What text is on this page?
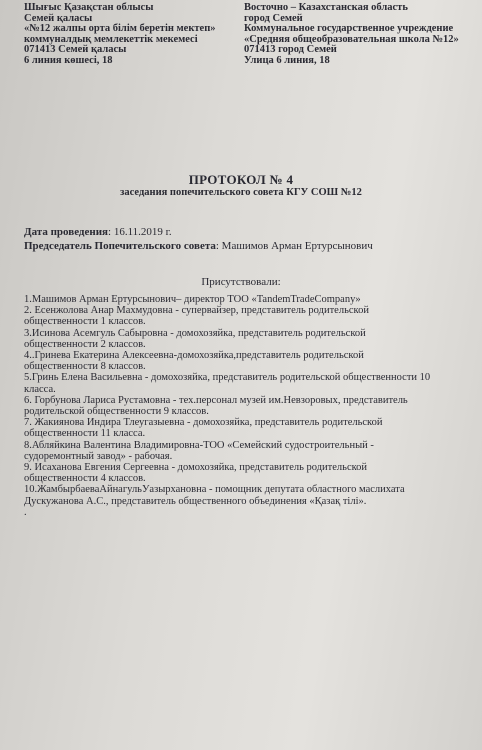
Шығыс Қазақстан облысы
Семей қаласы
«№12 жалпы орта білім беретін мектеп»
коммуналдық мемлекеттік мекемесі
071413 Семей қаласы
6 линия көшесі, 18
Восточно – Казахстанская область
город Семей
Коммунальное государственное учреждение
«Средняя общеобразовательная школа №12»
071413 город Семей
Улица 6 линия, 18
ПРОТОКОЛ № 4
заседания попечительского совета КГУ СОШ №12
Дата проведения: 16.11.2019 г.
Председатель Попечительского совета: Машимов Арман Ертурсынович
Присутствовали:
1.Машимов Арман Ертурсынович– директор ТОО «TandemTradeCompany»
2. Есенжолова Анар Махмудовна - супервайзер, представитель родительской
общественности 1 классов.
3.Исинова Асемгуль Сабыровна - домохозяйка, представитель родительской
общественности 2 классов.
4..Гринева Екатерина Алексеевна-домохозяйка,представитель родительской
общественности 8 классов.
5.Гринь Елена Васильевна - домохозяйка, представитель родительской общественности 10
класса.
6. Горбунова Лариса Рустамовна - тех.персонал музей им.Невзоровых, представитель
родительской общественности 9 классов.
7. Жакиянова Индира Тлеугазыевна - домохозяйка, представитель родительской
общественности 11 класса.
8.Абляйкина Валентина Владимировна-ТОО «Семейский судостроительный -
судоремонтный завод» - рабочая.
9. Исаханова Евгения Сергеевна - домохозяйка, представитель родительской
общественности 4 классов.
10.ЖамбырбаеваАйнагульУазырхановна - помощник депутата областного маслихата
Дускужанова А.С., представитель общественного объединения «Қазақ тілі».
.
